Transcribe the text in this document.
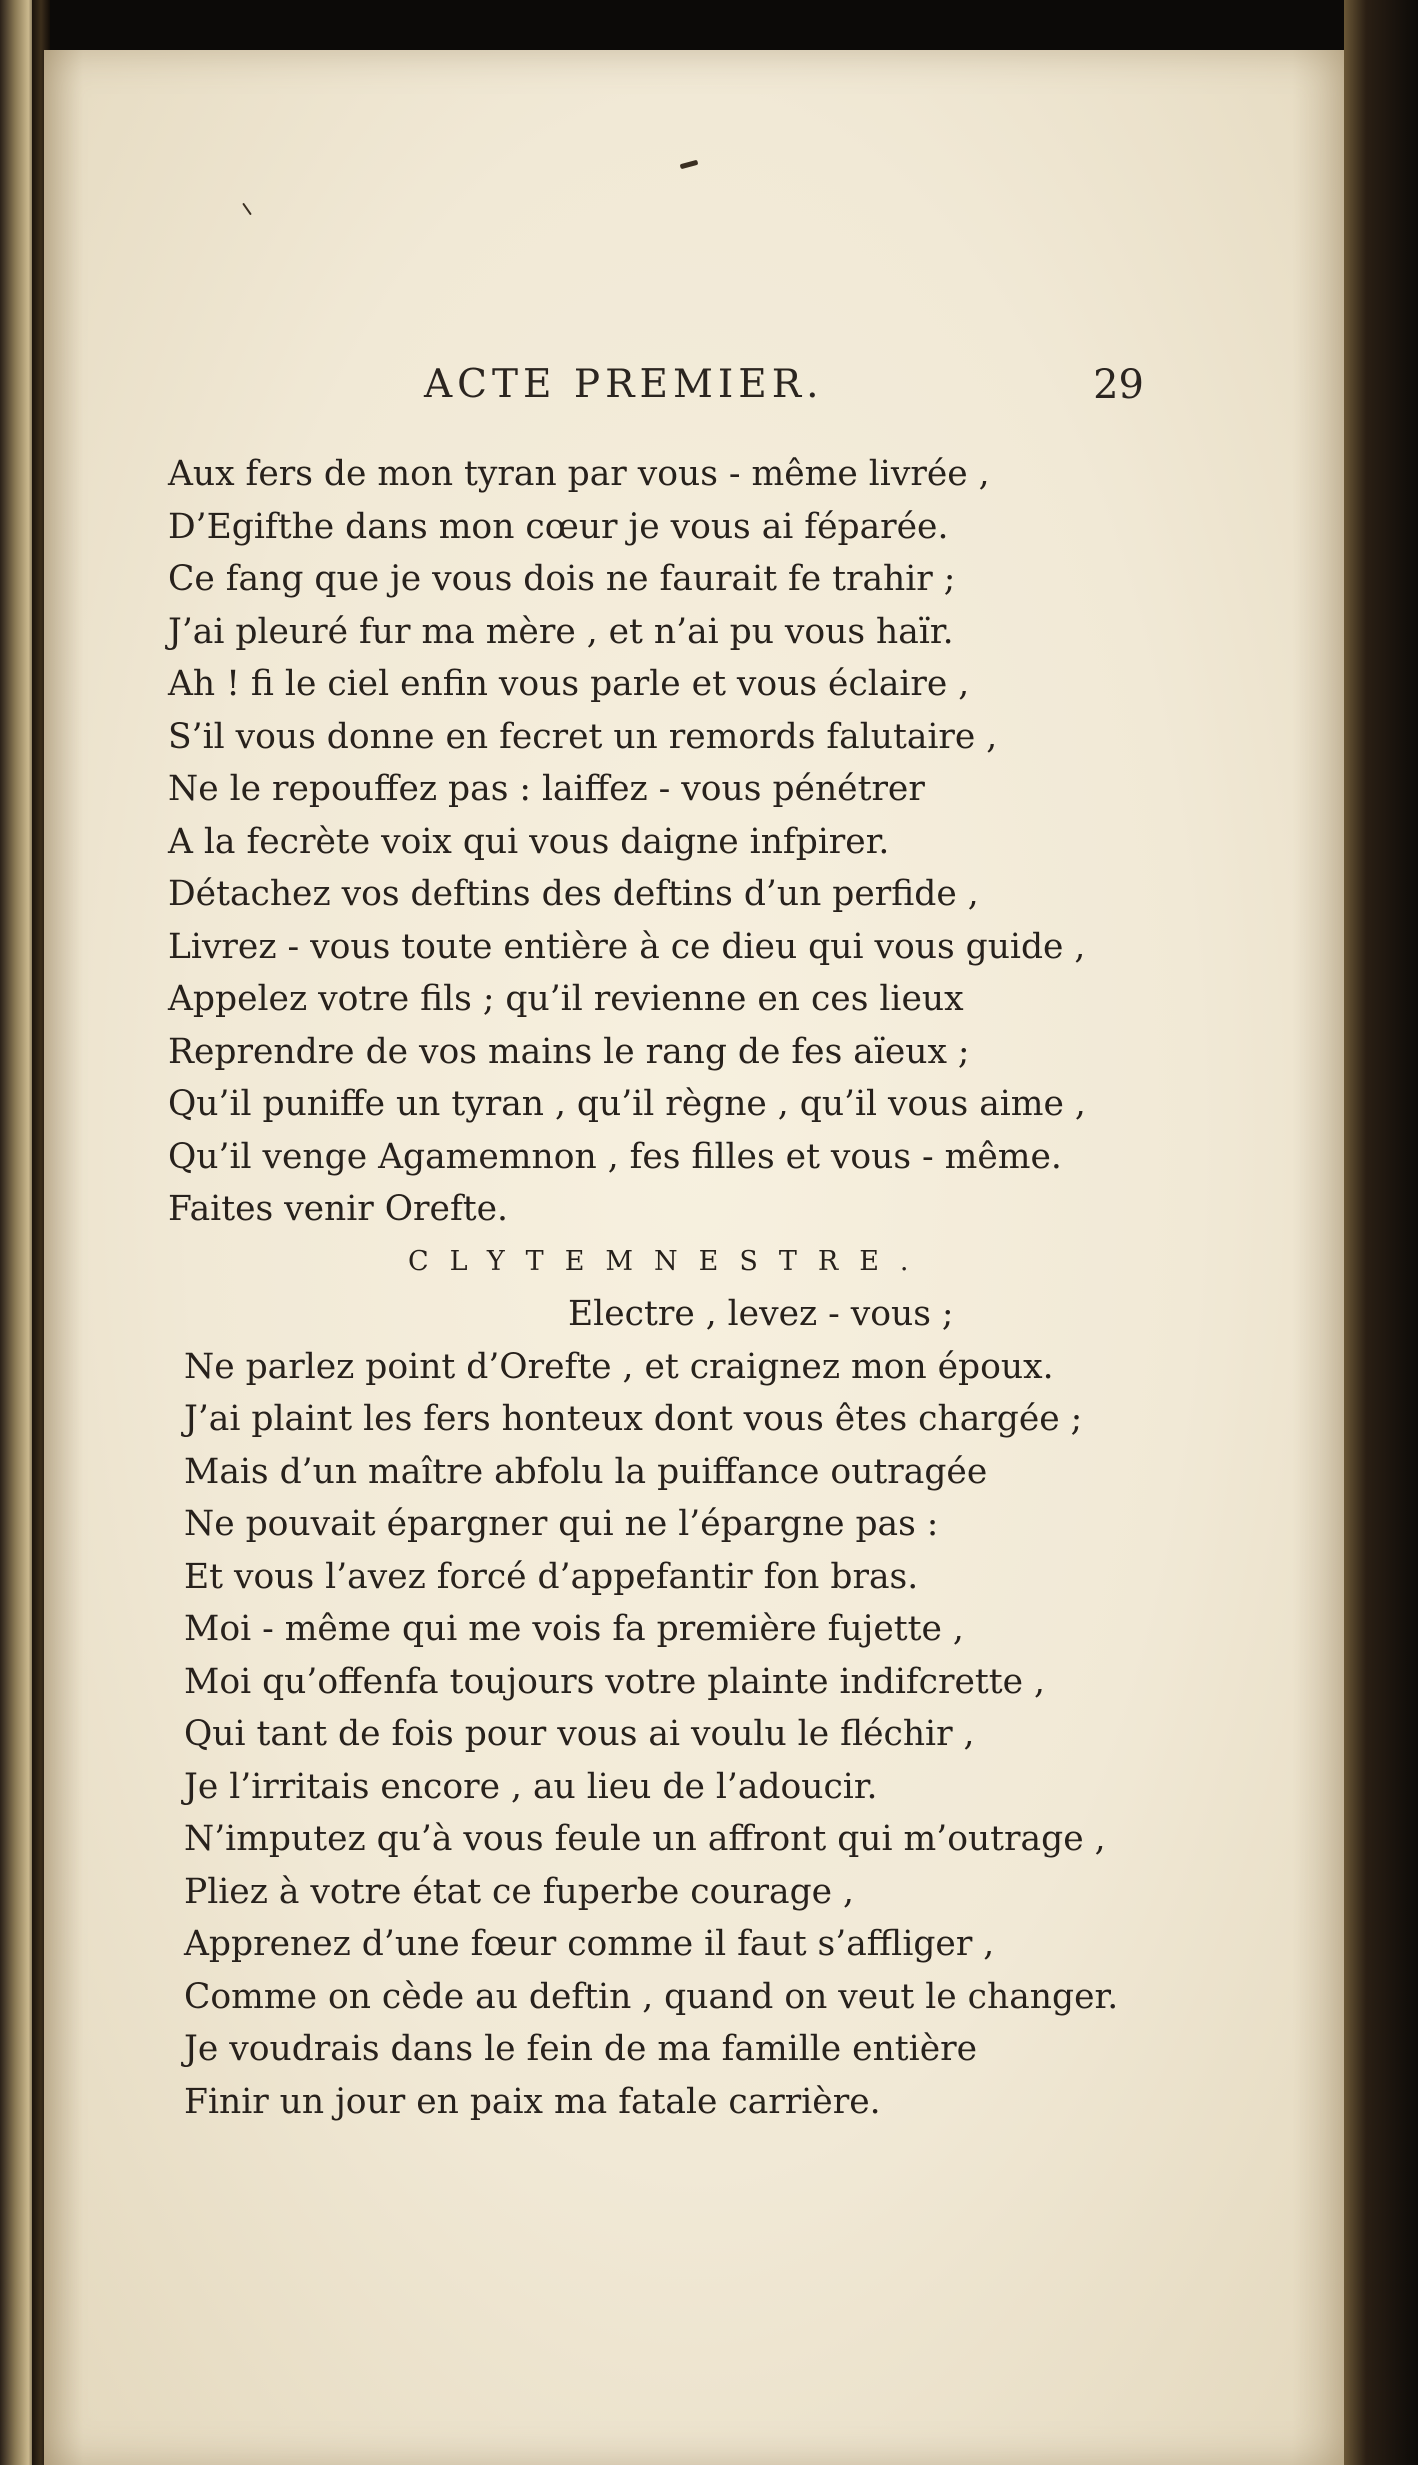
ACTE PREMIER.	29
Aux fers de mon tyran par vous - même livrée ,
D’Egifthe dans mon cœur je vous ai féparée.
Ce fang que je vous dois ne faurait fe trahir ;
J’ai pleuré fur ma mère , et n’ai pu vous haïr.
Ah ! fi le ciel enfin vous parle et vous éclaire ,
S’il vous donne en fecret un remords falutaire ,
Ne le repouffez pas : laiffez - vous pénétrer
A la fecrète voix qui vous daigne infpirer.
Détachez vos deftins des deftins d’un perfide ,
Livrez - vous toute entière à ce dieu qui vous guide ,
Appelez votre fils ; qu’il revienne en ces lieux
Reprendre de vos mains le rang de fes aïeux ;
Qu’il puniffe un tyran , qu’il règne , qu’il vous aime ,
Qu’il venge Agamemnon , fes filles et vous - même.
Faites venir Orefte.
CLYTEMNESTRE.
Electre , levez - vous ;
Ne parlez point d’Orefte , et craignez mon époux.
J’ai plaint les fers honteux dont vous êtes chargée ;
Mais d’un maître abfolu la puiffance outragée
Ne pouvait épargner qui ne l’épargne pas :
Et vous l’avez forcé d’appefantir fon bras.
Moi - même qui me vois fa première fujette ,
Moi qu’offenfa toujours votre plainte indifcrette ,
Qui tant de fois pour vous ai voulu le fléchir ,
Je l’irritais encore , au lieu de l’adoucir.
N’imputez qu’à vous feule un affront qui m’outrage ,
Pliez à votre état ce fuperbe courage ,
Apprenez d’une fœur comme il faut s’affliger ,
Comme on cède au deftin , quand on veut le changer.
Je voudrais dans le fein de ma famille entière
Finir un jour en paix ma fatale carrière.
